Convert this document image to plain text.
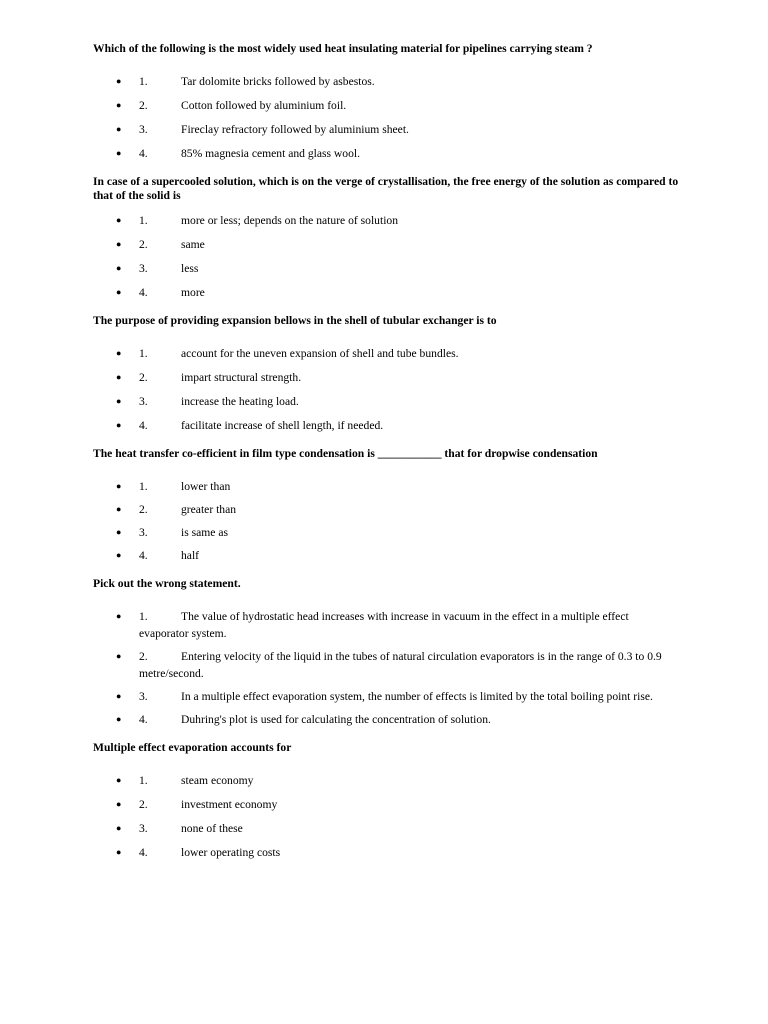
Which of the following is the most widely used heat insulating material for pipelines carrying steam ?

● 1.	Tar dolomite bricks followed by asbestos.
● 2.	Cotton followed by aluminium foil.
● 3.	Fireclay refractory followed by aluminium sheet.
● 4.	85% magnesia cement and glass wool.

In case of a supercooled solution, which is on the verge of crystallisation, the free energy of the solution as compared to that of the solid is

● 1.	more or less; depends on the nature of solution
● 2.	same
● 3.	less
● 4.	more

The purpose of providing expansion bellows in the shell of tubular exchanger is to

● 1.	account for the uneven expansion of shell and tube bundles.
● 2.	impart structural strength.
● 3.	increase the heating load.
● 4.	facilitate increase of shell length, if needed.

The heat transfer co-efficient in film type condensation is ___________ that for dropwise condensation

● 1.	lower than
● 2.	greater than
● 3.	is same as
● 4.	half

Pick out the wrong statement.

● 1.	The value of hydrostatic head increases with increase in vacuum in the effect in a multiple effect evaporator system.
● 2.	Entering velocity of the liquid in the tubes of natural circulation evaporators is in the range of 0.3 to 0.9 metre/second.
● 3.	In a multiple effect evaporation system, the number of effects is limited by the total boiling point rise.
● 4.	Duhring's plot is used for calculating the concentration of solution.

Multiple effect evaporation accounts for

● 1.	steam economy
● 2.	investment economy
● 3.	none of these
● 4.	lower operating costs
